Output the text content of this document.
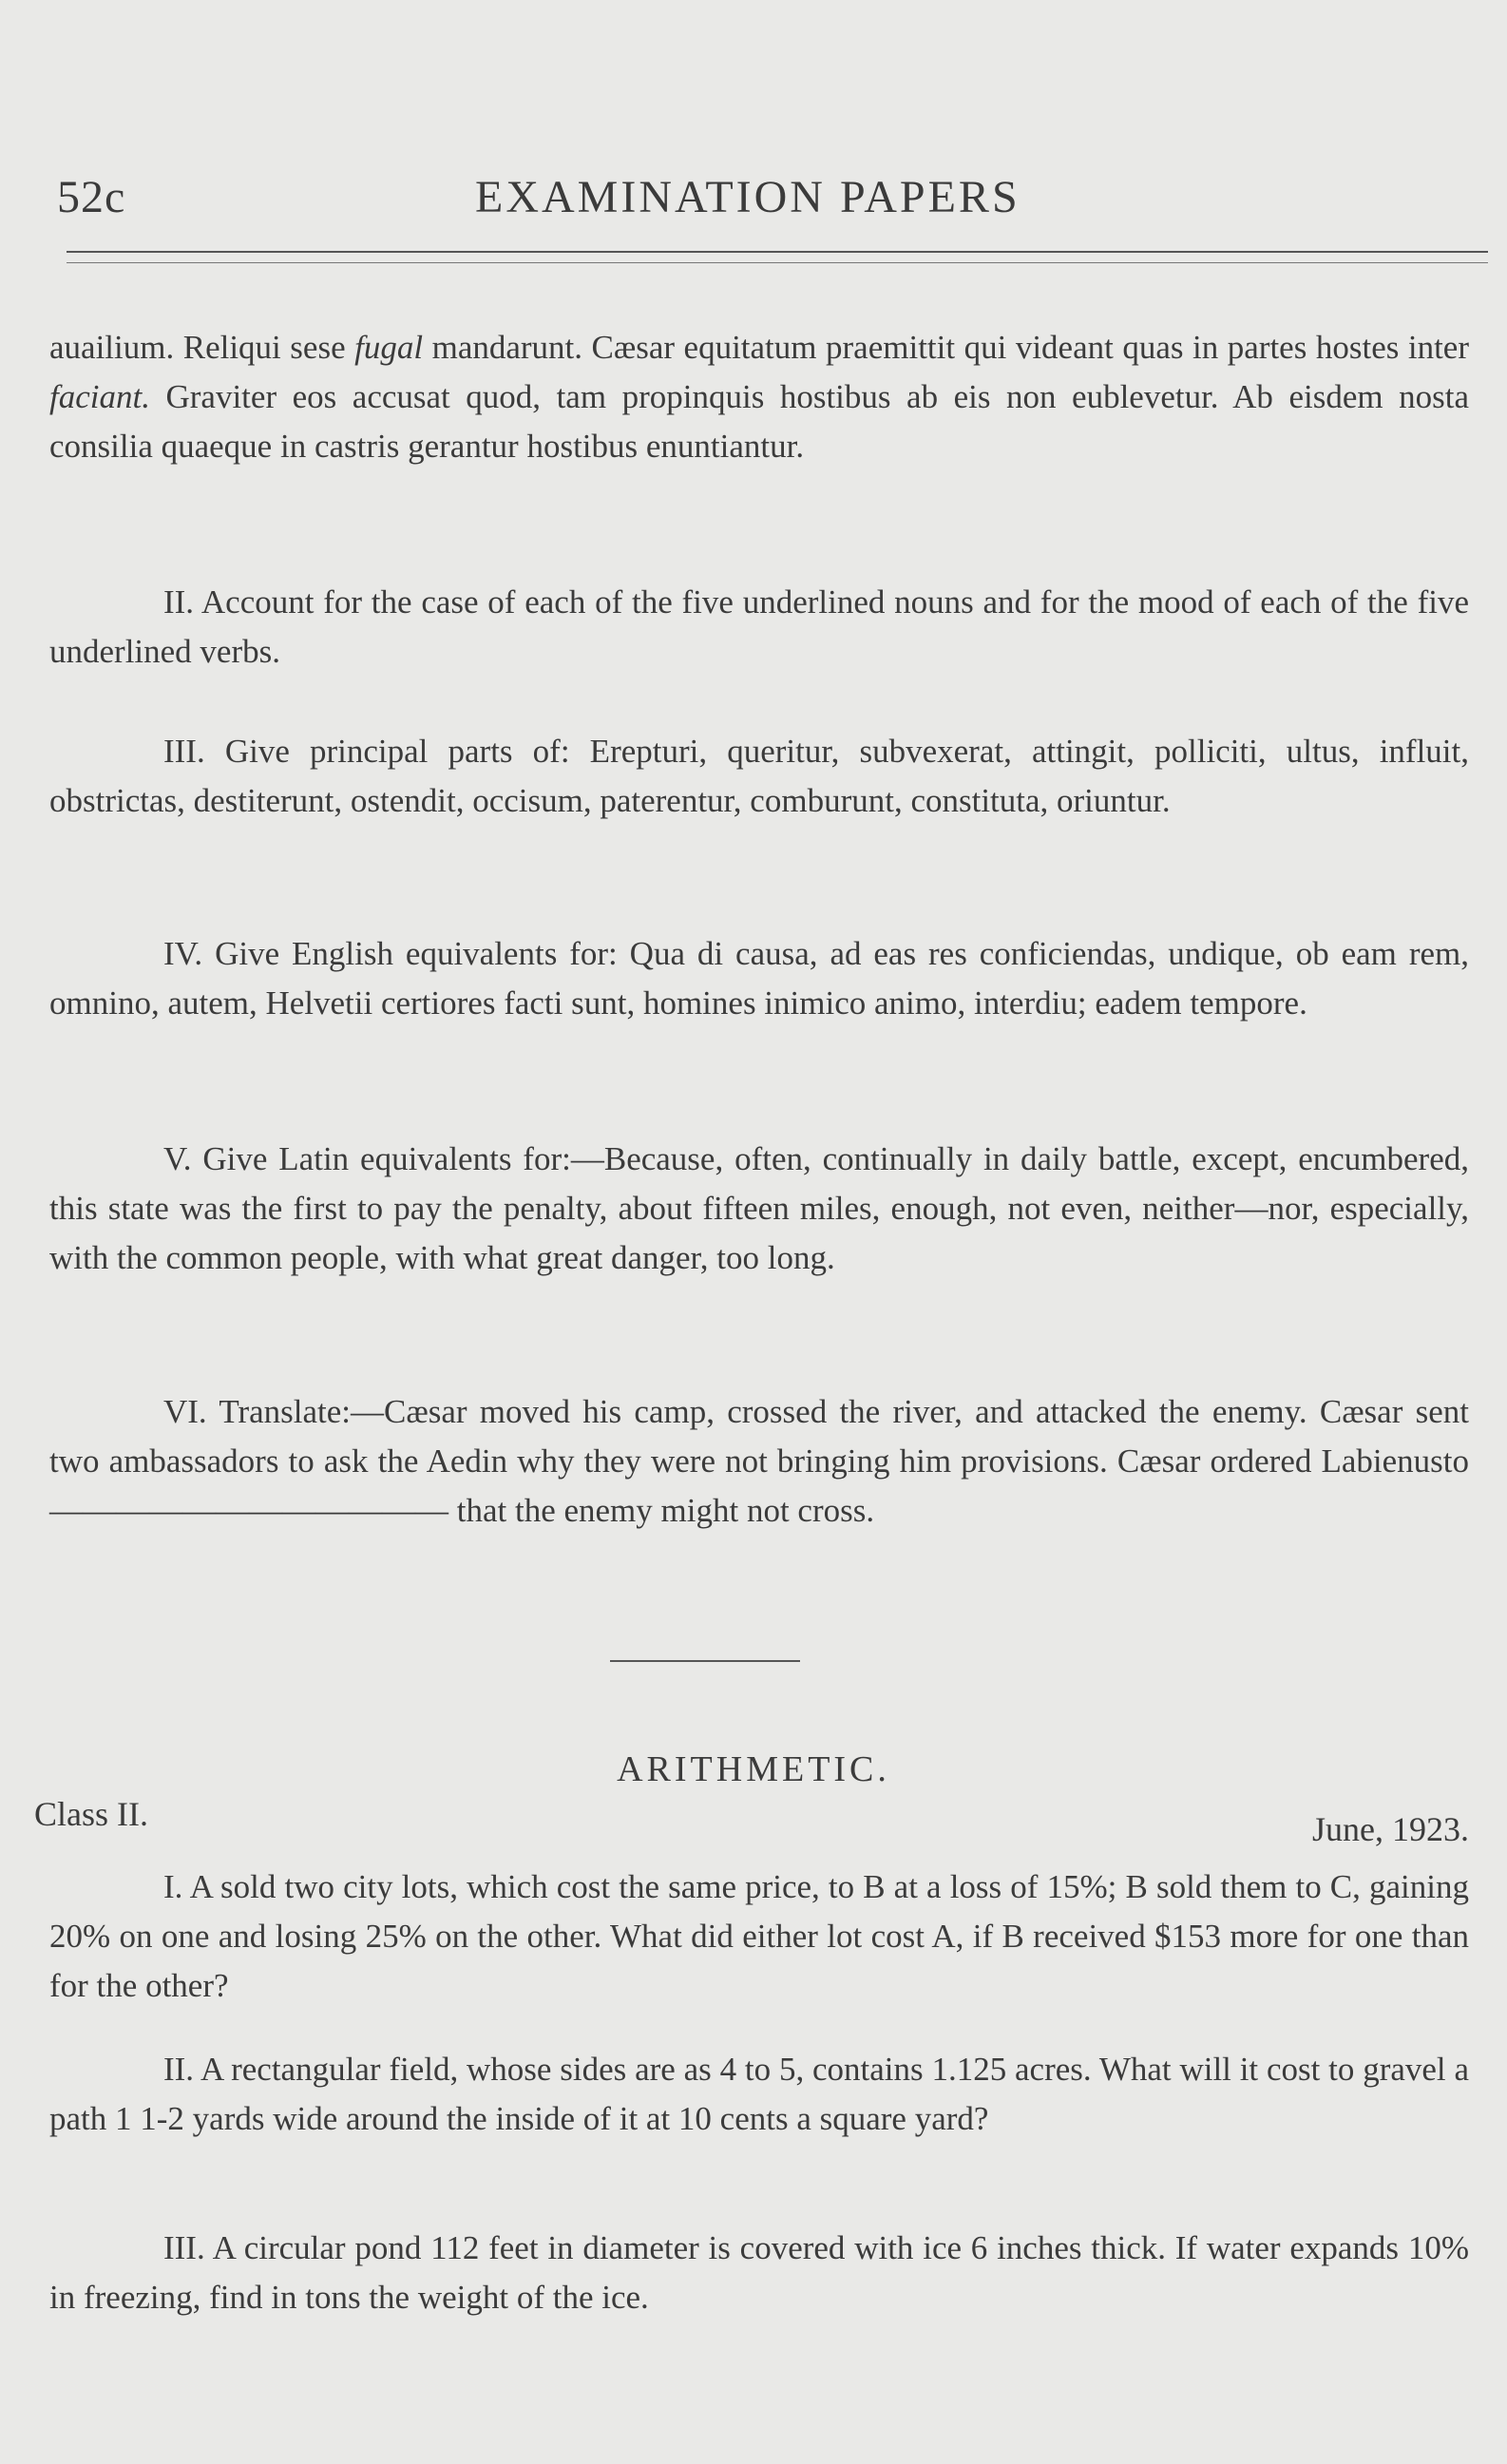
52c	EXAMINATION PAPERS

auailium. Reliqui sese fugal mandarunt. Cæsar equitatum praemittit qui videant quas in partes hostes inter faciant. Graviter eos accusat quod, tam propinquis hostibus ab eis non eublevetur. Ab eisdem nosta consilia quaeque in castris gerantur hostibus enuntiantur.

II. Account for the case of each of the five underlined nouns and for the mood of each of the five underlined verbs.

III. Give principal parts of: Erepturi, queritur, subvexerat, attingit, polliciti, ultus, influit, obstrictas, destiterunt, ostendit, occisum, paterentur, comburunt, constituta, oriuntur.

IV. Give English equivalents for: Qua di causa, ad eas res conficiendas, undique, ob eam rem, omnino, autem, Helvetii certiores facti sunt, homines inimico animo, interdiu; eadem tempore.

V. Give Latin equivalents for:—Because, often, continually in daily battle, except, encumbered, this state was the first to pay the penalty, about fifteen miles, enough, not even, neither—nor, especially, with the common people, with what great danger, too long.

VI. Translate:—Cæsar moved his camp, crossed the river, and attacked the enemy. Cæsar sent two ambassadors to ask the Aedin why they were not bringing him provisions. Cæsar ordered Labienusto———————————— that the enemy might not cross.

ARITHMETIC.
Class II.	June, 1923.

I. A sold two city lots, which cost the same price, to B at a loss of 15%; B sold them to C, gaining 20% on one and losing 25% on the other. What did either lot cost A, if B received $153 more for one than for the other?

II. A rectangular field, whose sides are as 4 to 5, contains 1.125 acres. What will it cost to gravel a path 1 1-2 yards wide around the inside of it at 10 cents a square yard?

III. A circular pond 112 feet in diameter is covered with ice 6 inches thick. If water expands 10% in freezing, find in tons the weight of the ice.
